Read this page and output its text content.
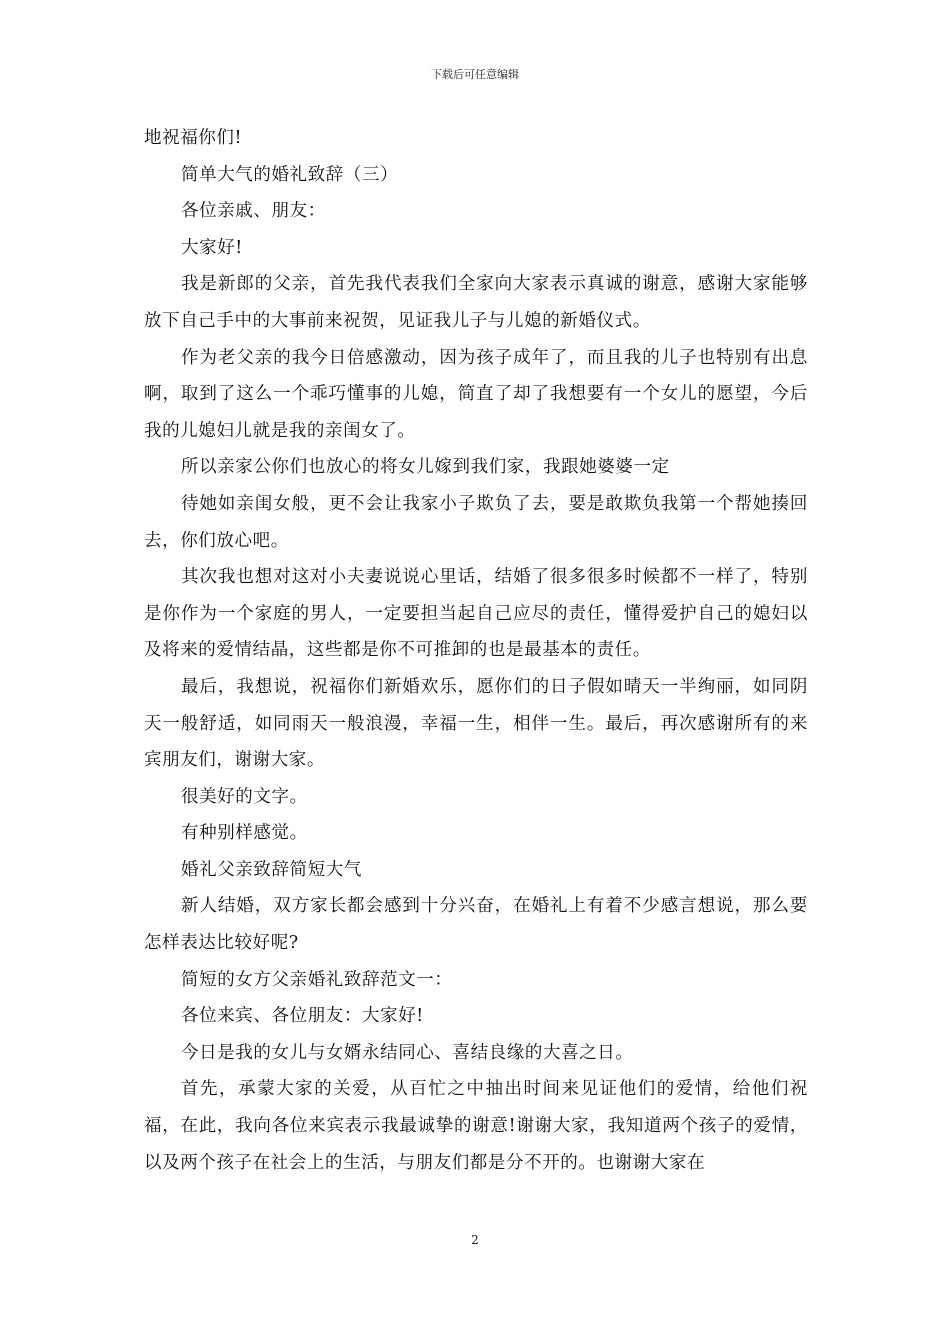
下载后可任意编辑

地祝福你们!

简单大气的婚礼致辞（三）

各位亲戚、朋友：

大家好!

我是新郎的父亲，首先我代表我们全家向大家表示真诚的谢意，感谢大家能够放下自己手中的大事前来祝贺，见证我儿子与儿媳的新婚仪式。

作为老父亲的我今日倍感激动，因为孩子成年了，而且我的儿子也特别有出息啊，取到了这么一个乖巧懂事的儿媳，简直了却了我想要有一个女儿的愿望，今后我的儿媳妇儿就是我的亲闺女了。

所以亲家公你们也放心的将女儿嫁到我们家，我跟她婆婆一定

待她如亲闺女般，更不会让我家小子欺负了去，要是敢欺负我第一个帮她揍回去，你们放心吧。

其次我也想对这对小夫妻说说心里话，结婚了很多很多时候都不一样了，特别是你作为一个家庭的男人，一定要担当起自己应尽的责任，懂得爱护自己的媳妇以及将来的爱情结晶，这些都是你不可推卸的也是最基本的责任。

最后，我想说，祝福你们新婚欢乐，愿你们的日子假如晴天一半绚丽，如同阴天一般舒适，如同雨天一般浪漫，幸福一生，相伴一生。最后，再次感谢所有的来宾朋友们，谢谢大家。

很美好的文字。

有种别样感觉。

婚礼父亲致辞简短大气

新人结婚，双方家长都会感到十分兴奋，在婚礼上有着不少感言想说，那么要怎样表达比较好呢?

简短的女方父亲婚礼致辞范文一：

各位来宾、各位朋友：大家好!

今日是我的女儿与女婿永结同心、喜结良缘的大喜之日。

首先，承蒙大家的关爱，从百忙之中抽出时间来见证他们的爱情，给他们祝福，在此，我向各位来宾表示我最诚挚的谢意!谢谢大家，我知道两个孩子的爱情，以及两个孩子在社会上的生活，与朋友们都是分不开的。也谢谢大家在

2
